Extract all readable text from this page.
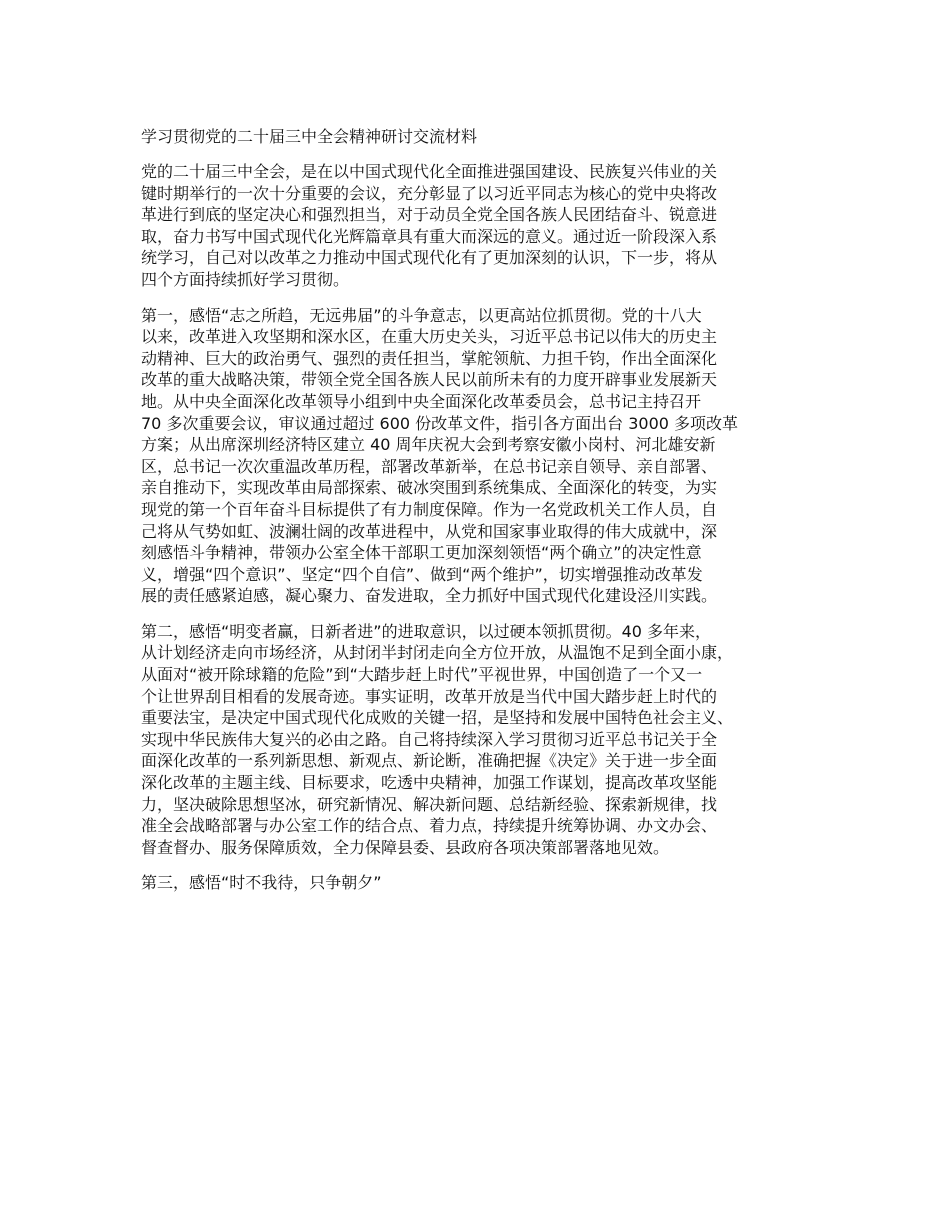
学习贯彻党的二十届三中全会精神研讨交流材料
党的二十届三中全会，是在以中国式现代化全面推进强国建设、民族复兴伟业的关
键时期举行的一次十分重要的会议，充分彰显了以习近平同志为核心的党中央将改
革进行到底的坚定决心和强烈担当，对于动员全党全国各族人民团结奋斗、锐意进
取，奋力书写中国式现代化光辉篇章具有重大而深远的意义。通过近一阶段深入系
统学习，自己对以改革之力推动中国式现代化有了更加深刻的认识，下一步，将从
四个方面持续抓好学习贯彻。
第一，感悟“志之所趋，无远弗届”的斗争意志，以更高站位抓贯彻。党的十八大
以来，改革进入攻坚期和深水区，在重大历史关头，习近平总书记以伟大的历史主
动精神、巨大的政治勇气、强烈的责任担当，掌舵领航、力担千钧，作出全面深化
改革的重大战略决策，带领全党全国各族人民以前所未有的力度开辟事业发展新天
地。从中央全面深化改革领导小组到中央全面深化改革委员会，总书记主持召开
70 多次重要会议，审议通过超过 600 份改革文件，指引各方面出台 3000 多项改革
方案；从出席深圳经济特区建立 40 周年庆祝大会到考察安徽小岗村、河北雄安新
区，总书记一次次重温改革历程，部署改革新举，在总书记亲自领导、亲自部署、
亲自推动下，实现改革由局部探索、破冰突围到系统集成、全面深化的转变，为实
现党的第一个百年奋斗目标提供了有力制度保障。作为一名党政机关工作人员，自
己将从气势如虹、波澜壮阔的改革进程中，从党和国家事业取得的伟大成就中，深
刻感悟斗争精神，带领办公室全体干部职工更加深刻领悟“两个确立”的决定性意
义，增强“四个意识”、坚定“四个自信”、做到“两个维护”，切实增强推动改革发
展的责任感紧迫感，凝心聚力、奋发进取，全力抓好中国式现代化建设泾川实践。
第二，感悟“明变者赢，日新者进”的进取意识，以过硬本领抓贯彻。40 多年来，
从计划经济走向市场经济，从封闭半封闭走向全方位开放，从温饱不足到全面小康，
从面对“被开除球籍的危险”到“大踏步赶上时代”平视世界，中国创造了一个又一
个让世界刮目相看的发展奇迹。事实证明，改革开放是当代中国大踏步赶上时代的
重要法宝，是决定中国式现代化成败的关键一招，是坚持和发展中国特色社会主义、
实现中华民族伟大复兴的必由之路。自己将持续深入学习贯彻习近平总书记关于全
面深化改革的一系列新思想、新观点、新论断，准确把握《决定》关于进一步全面
深化改革的主题主线、目标要求，吃透中央精神，加强工作谋划，提高改革攻坚能
力，坚决破除思想坚冰，研究新情况、解决新问题、总结新经验、探索新规律，找
准全会战略部署与办公室工作的结合点、着力点，持续提升统筹协调、办文办会、
督查督办、服务保障质效，全力保障县委、县政府各项决策部署落地见效。
第三，感悟“时不我待，只争朝夕”
